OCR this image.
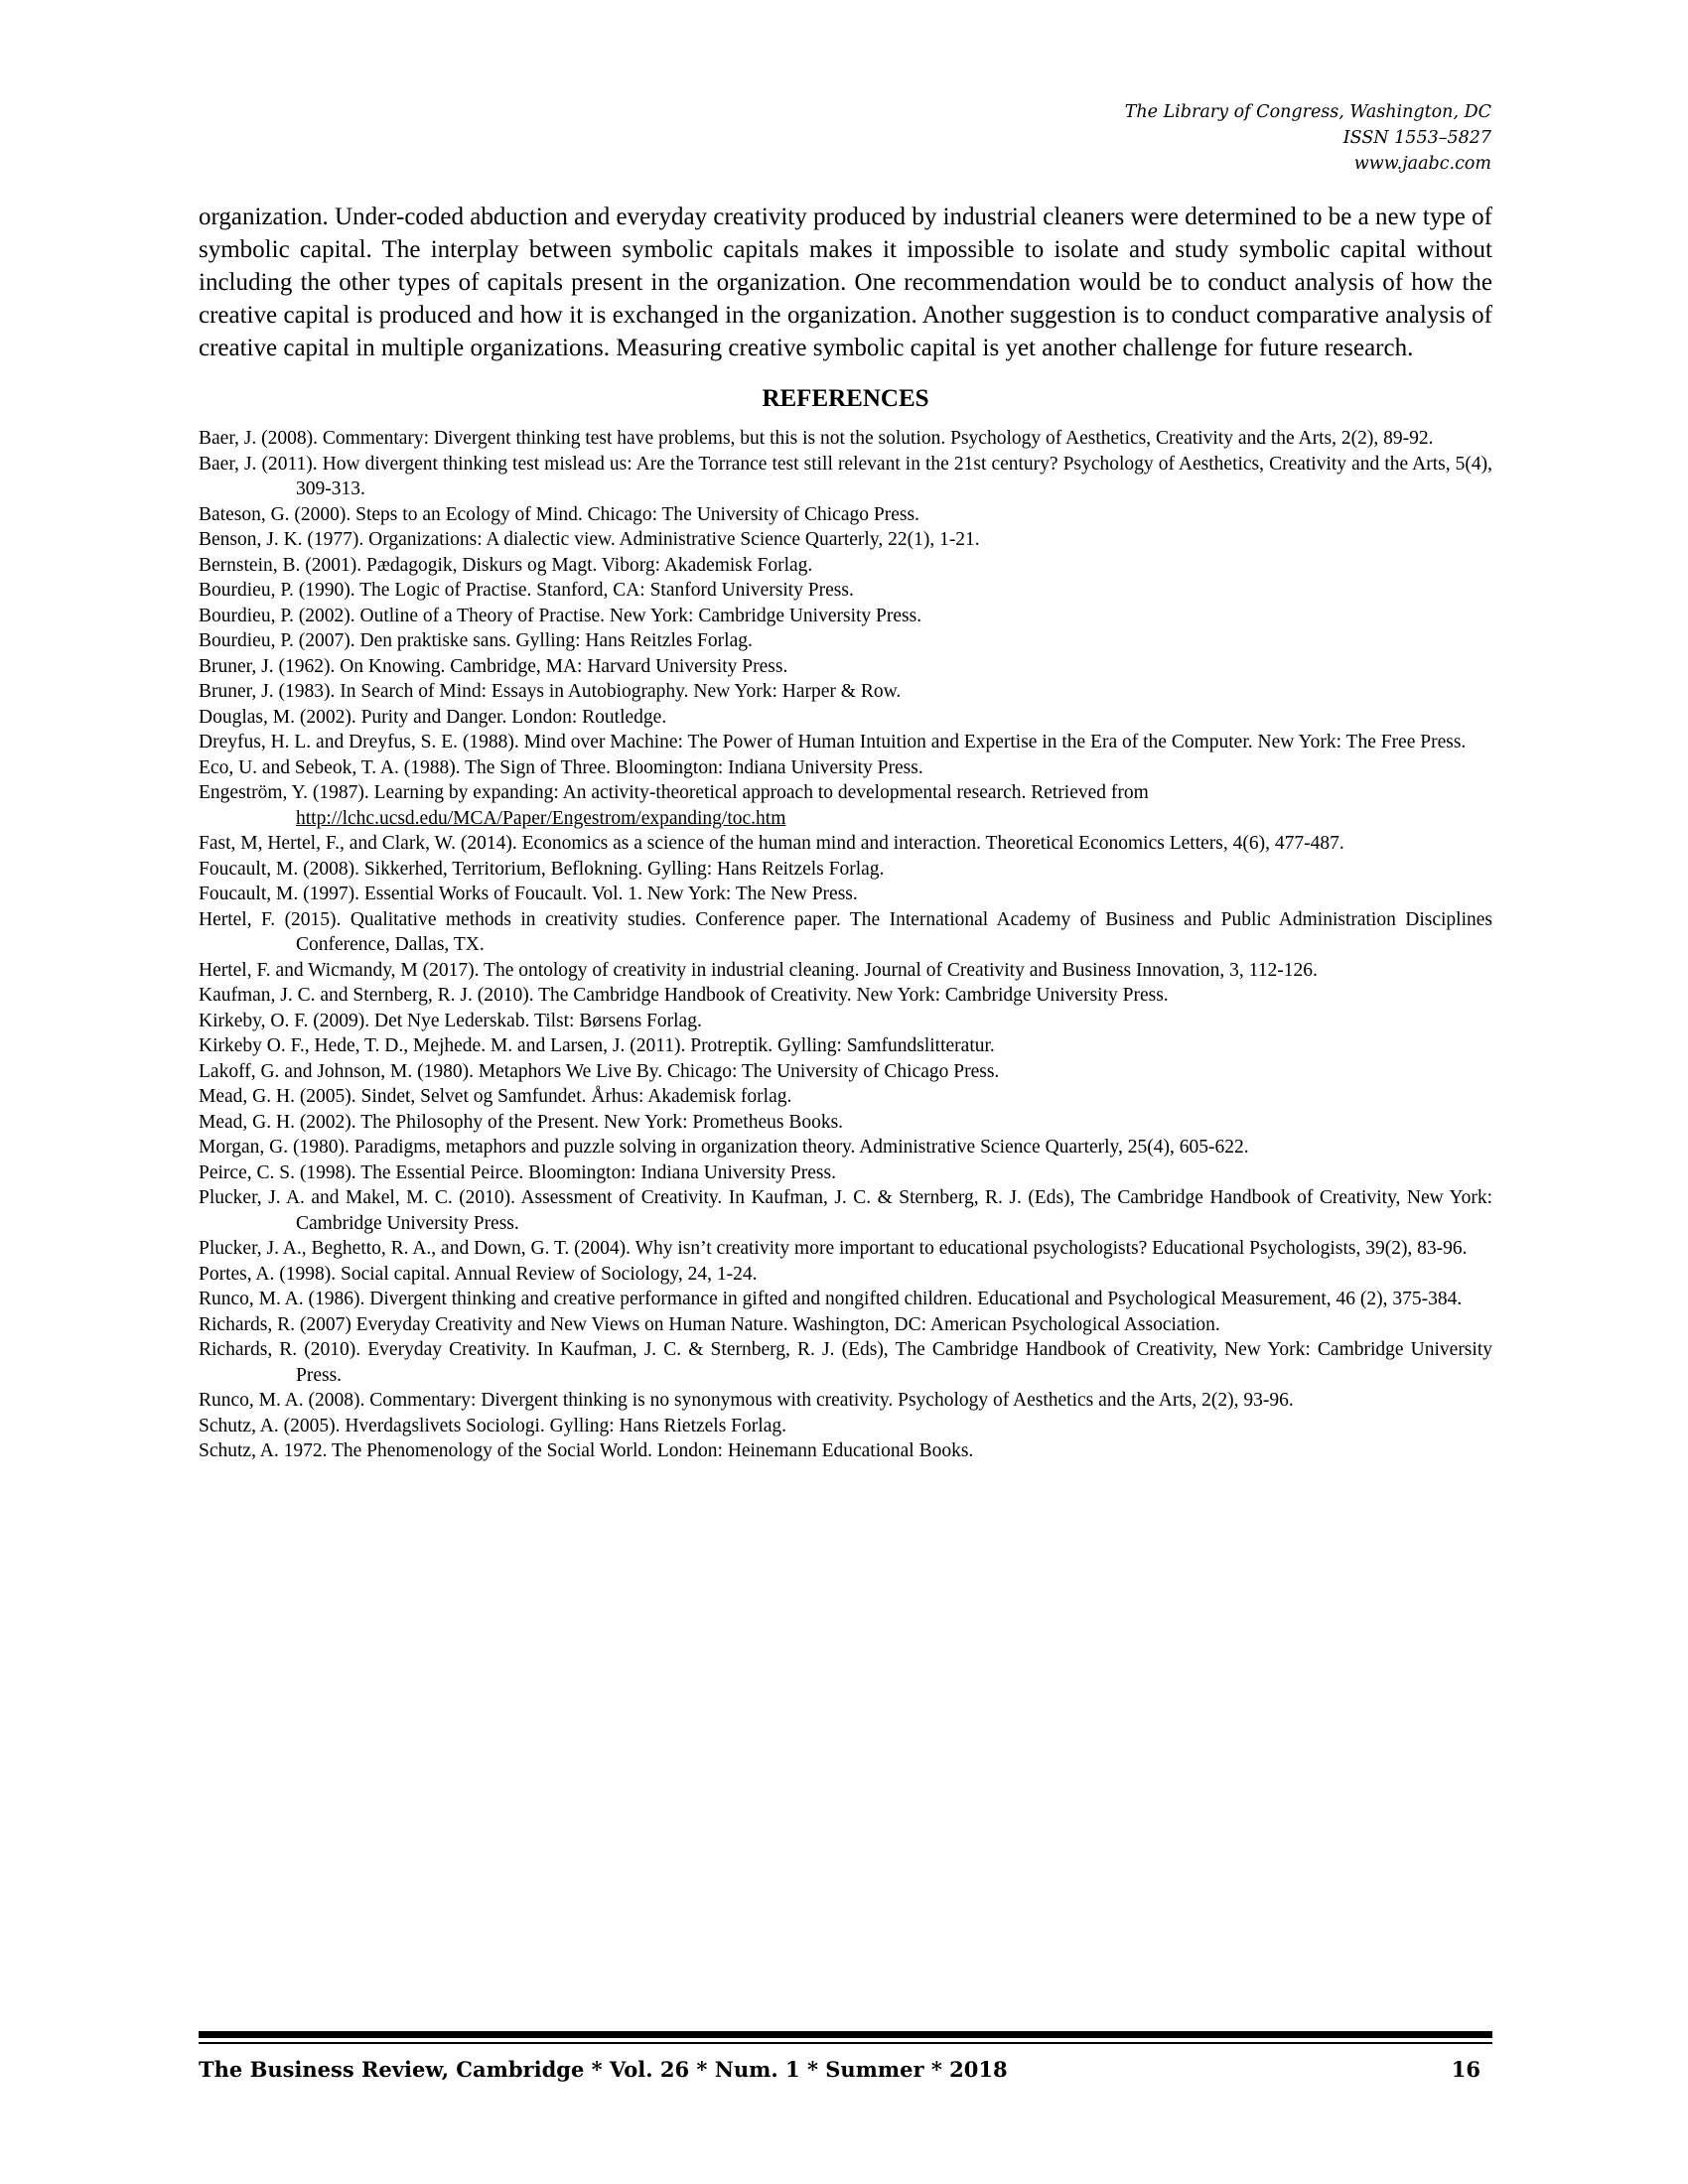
The Library of Congress, Washington, DC
ISSN 1553–5827
www.jaabc.com

organization. Under-coded abduction and everyday creativity produced by industrial cleaners were determined to be a new type of symbolic capital. The interplay between symbolic capitals makes it impossible to isolate and study symbolic capital without including the other types of capitals present in the organization. One recommendation would be to conduct analysis of how the creative capital is produced and how it is exchanged in the organization. Another suggestion is to conduct comparative analysis of creative capital in multiple organizations. Measuring creative symbolic capital is yet another challenge for future research.

REFERENCES
Baer, J. (2008). Commentary: Divergent thinking test have problems, but this is not the solution. Psychology of Aesthetics, Creativity and the Arts, 2(2), 89-92.
Baer, J. (2011). How divergent thinking test mislead us: Are the Torrance test still relevant in the 21st century? Psychology of Aesthetics, Creativity and the Arts, 5(4), 309-313.
Bateson, G. (2000). Steps to an Ecology of Mind. Chicago: The University of Chicago Press.
Benson, J. K. (1977). Organizations: A dialectic view. Administrative Science Quarterly, 22(1), 1-21.
Bernstein, B. (2001). Pædagogik, Diskurs og Magt. Viborg: Akademisk Forlag.
Bourdieu, P. (1990). The Logic of Practise. Stanford, CA: Stanford University Press.
Bourdieu, P. (2002). Outline of a Theory of Practise. New York: Cambridge University Press.
Bourdieu, P. (2007). Den praktiske sans. Gylling: Hans Reitzles Forlag.
Bruner, J. (1962). On Knowing. Cambridge, MA: Harvard University Press.
Bruner, J. (1983). In Search of Mind: Essays in Autobiography. New York: Harper & Row.
Douglas, M. (2002). Purity and Danger. London: Routledge.
Dreyfus, H. L. and Dreyfus, S. E. (1988). Mind over Machine: The Power of Human Intuition and Expertise in the Era of the Computer. New York: The Free Press.
Eco, U. and Sebeok, T. A. (1988). The Sign of Three. Bloomington: Indiana University Press.
Engeström, Y. (1987). Learning by expanding: An activity-theoretical approach to developmental research. Retrieved from
http://lchc.ucsd.edu/MCA/Paper/Engestrom/expanding/toc.htm
Fast, M, Hertel, F., and Clark, W. (2014). Economics as a science of the human mind and interaction. Theoretical Economics Letters, 4(6), 477-487.
Foucault, M. (2008). Sikkerhed, Territorium, Beflokning. Gylling: Hans Reitzels Forlag.
Foucault, M. (1997). Essential Works of Foucault. Vol. 1. New York: The New Press.
Hertel, F. (2015). Qualitative methods in creativity studies. Conference paper. The International Academy of Business and Public Administration Disciplines Conference, Dallas, TX.
Hertel, F. and Wicmandy, M (2017). The ontology of creativity in industrial cleaning. Journal of Creativity and Business Innovation, 3, 112-126.
Kaufman, J. C. and Sternberg, R. J. (2010). The Cambridge Handbook of Creativity. New York: Cambridge University Press.
Kirkeby, O. F. (2009). Det Nye Lederskab. Tilst: Børsens Forlag.
Kirkeby O. F., Hede, T. D., Mejhede. M. and Larsen, J. (2011). Protreptik. Gylling: Samfundslitteratur.
Lakoff, G. and Johnson, M. (1980). Metaphors We Live By. Chicago: The University of Chicago Press.
Mead, G. H. (2005). Sindet, Selvet og Samfundet. Århus: Akademisk forlag.
Mead, G. H. (2002). The Philosophy of the Present. New York: Prometheus Books.
Morgan, G. (1980). Paradigms, metaphors and puzzle solving in organization theory. Administrative Science Quarterly, 25(4), 605-622.
Peirce, C. S. (1998). The Essential Peirce. Bloomington: Indiana University Press.
Plucker, J. A. and Makel, M. C. (2010). Assessment of Creativity. In Kaufman, J. C. & Sternberg, R. J. (Eds), The Cambridge Handbook of Creativity, New York: Cambridge University Press.
Plucker, J. A., Beghetto, R. A., and Down, G. T. (2004). Why isn’t creativity more important to educational psychologists? Educational Psychologists, 39(2), 83-96.
Portes, A. (1998). Social capital. Annual Review of Sociology, 24, 1-24.
Runco, M. A. (1986). Divergent thinking and creative performance in gifted and nongifted children. Educational and Psychological Measurement, 46 (2), 375-384.
Richards, R. (2007) Everyday Creativity and New Views on Human Nature. Washington, DC: American Psychological Association.
Richards, R. (2010). Everyday Creativity. In Kaufman, J. C. & Sternberg, R. J. (Eds), The Cambridge Handbook of Creativity, New York: Cambridge University Press.
Runco, M. A. (2008). Commentary: Divergent thinking is no synonymous with creativity. Psychology of Aesthetics and the Arts, 2(2), 93-96.
Schutz, A. (2005). Hverdagslivets Sociologi. Gylling: Hans Rietzels Forlag.
Schutz, A. 1972. The Phenomenology of the Social World. London: Heinemann Educational Books.
The Business Review, Cambridge * Vol. 26 * Num. 1 * Summer * 2018	16
